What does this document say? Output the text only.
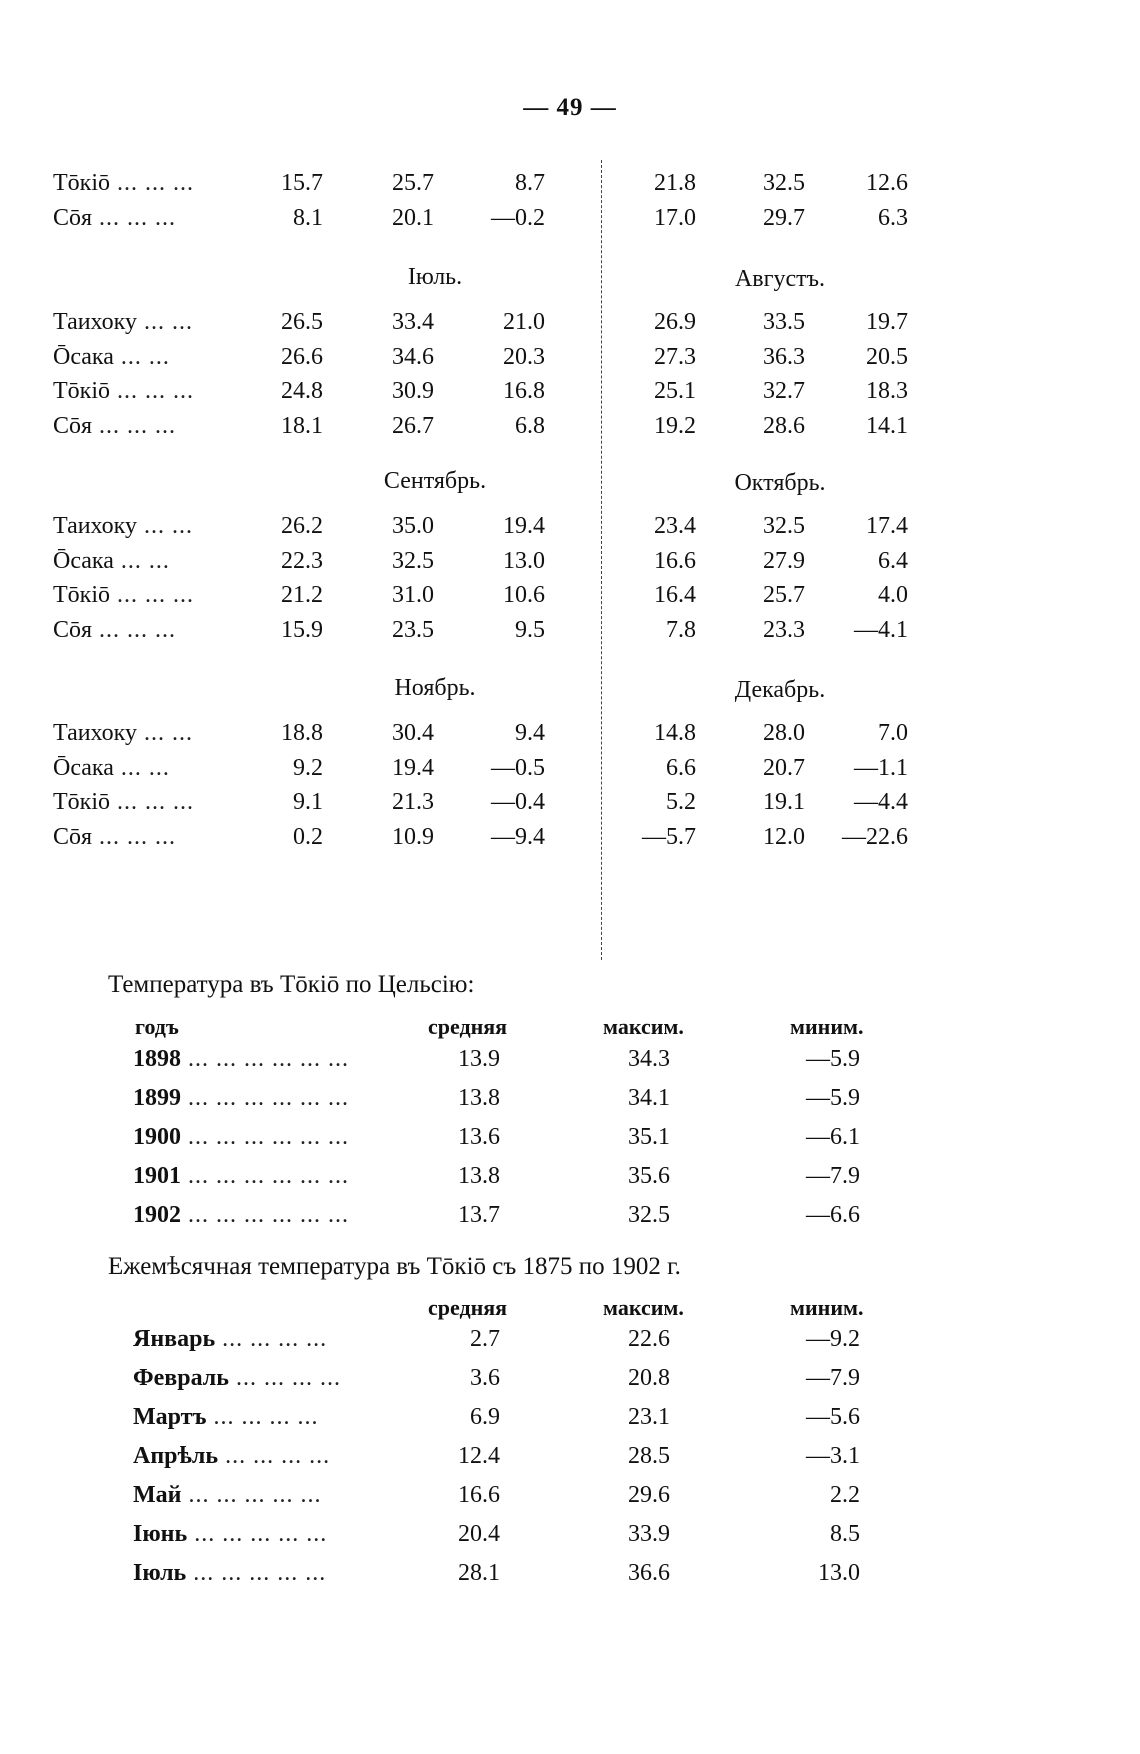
— 49 —
Тōкіō ... ... ...	15.7	25.7	8.7	21.8	32.5	12.6
Сōя ... ... ...	8.1	20.1	—0.2	17.0	29.7	6.3
Іюль.	Августъ.
Таихоку ... ...	26.5	33.4	21.0	26.9	33.5	19.7
Ōсака ... ...	26.6	34.6	20.3	27.3	36.3	20.5
Тōкіō ... ... ...	24.8	30.9	16.8	25.1	32.7	18.3
Сōя ... ... ...	18.1	26.7	6.8	19.2	28.6	14.1
Сентябрь.	Октябрь.
Таихоку ... ...	26.2	35.0	19.4	23.4	32.5	17.4
Ōсака ... ...	22.3	32.5	13.0	16.6	27.9	6.4
Тōкіō ... ... ...	21.2	31.0	10.6	16.4	25.7	4.0
Сōя ... ... ...	15.9	23.5	9.5	7.8	23.3	—4.1
Ноябрь.	Декабрь.
Таихоку ... ...	18.8	30.4	9.4	14.8	28.0	7.0
Ōсака ... ...	9.2	19.4	—0.5	6.6	20.7	—1.1
Тōкіō ... ... ...	9.1	21.3	—0.4	5.2	19.1	—4.4
Сōя ... ... ...	0.2	10.9	—9.4	—5.7	12.0	—22.6
Температура въ Тōкіō по Цельсію:
годъ	средняя	максим.	миним.
1898 ... ... ... ... ... ...	13.9	34.3	—5.9
1899 ... ... ... ... ... ...	13.8	34.1	—5.9
1900 ... ... ... ... ... ...	13.6	35.1	—6.1
1901 ... ... ... ... ... ...	13.8	35.6	—7.9
1902 ... ... ... ... ... ...	13.7	32.5	—6.6
Ежемѣсячная температура въ Тōкіō съ 1875 по 1902 г.
средняя	максим.	миним.
Январь ... ... ... ...	2.7	22.6	—9.2
Февраль ... ... ... ...	3.6	20.8	—7.9
Мартъ ... ... ... ...	6.9	23.1	—5.6
Апрѣль ... ... ... ...	12.4	28.5	—3.1
Май ... ... ... ... ...	16.6	29.6	2.2
Іюнь ... ... ... ... ...	20.4	33.9	8.5
Іюль ... ... ... ... ...	28.1	36.6	13.0
